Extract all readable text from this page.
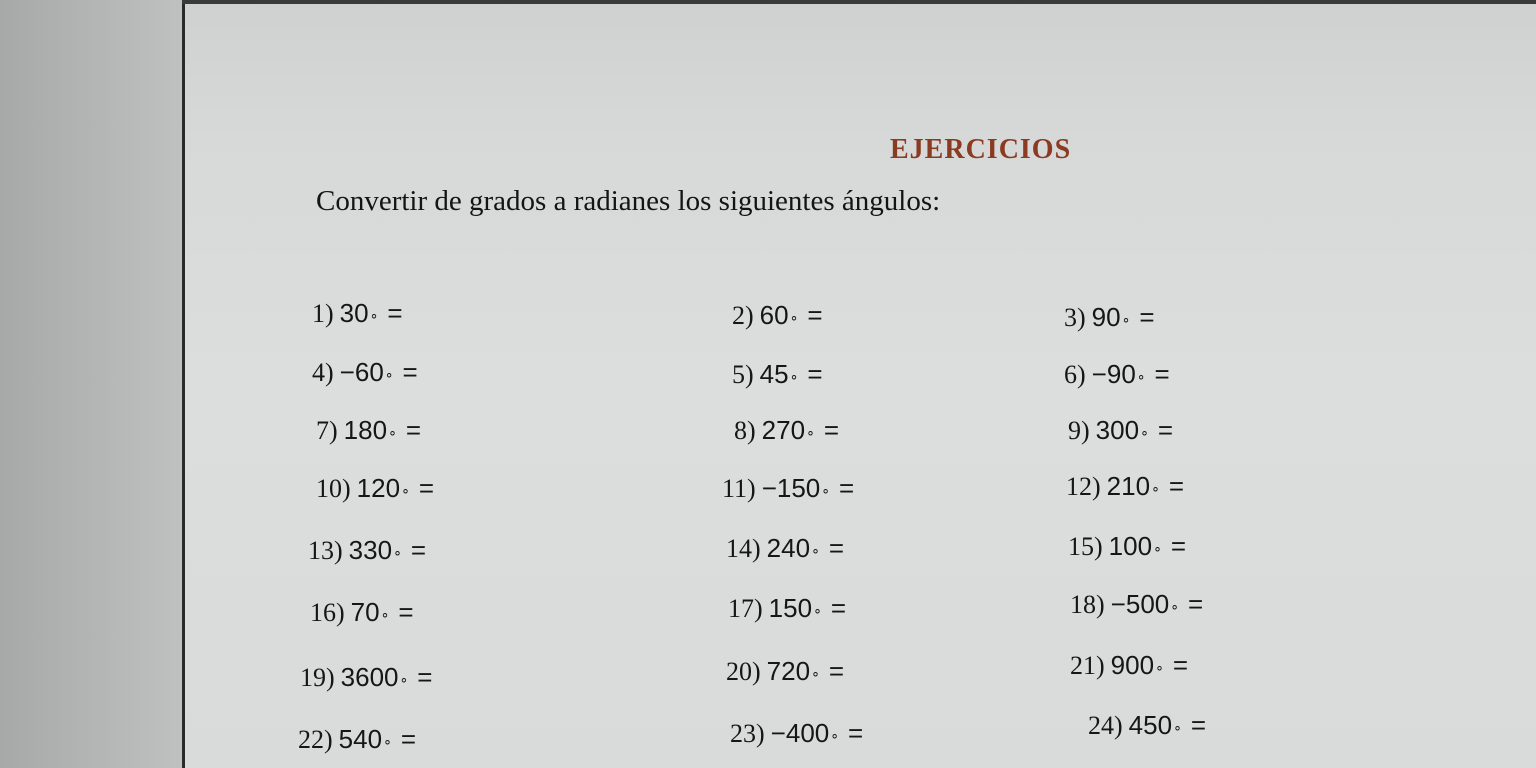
EJERCICIOS
Convertir de grados a radianes los siguientes ángulos:
1) 30∘ =	2) 60∘ =	3) 90∘ =
4) −60∘ =	5) 45∘ =	6) −90∘ =
7) 180∘ =	8) 270∘ =	9) 300∘ =
10) 120∘ =	11) −150∘ =	12) 210∘ =
13) 330∘ =	14) 240∘ =	15) 100∘ =
16) 70∘ =	17) 150∘ =	18) −500∘ =
19) 3600∘ =	20) 720∘ =	21) 900∘ =
22) 540∘ =	23) −400∘ =	24) 450∘ =
